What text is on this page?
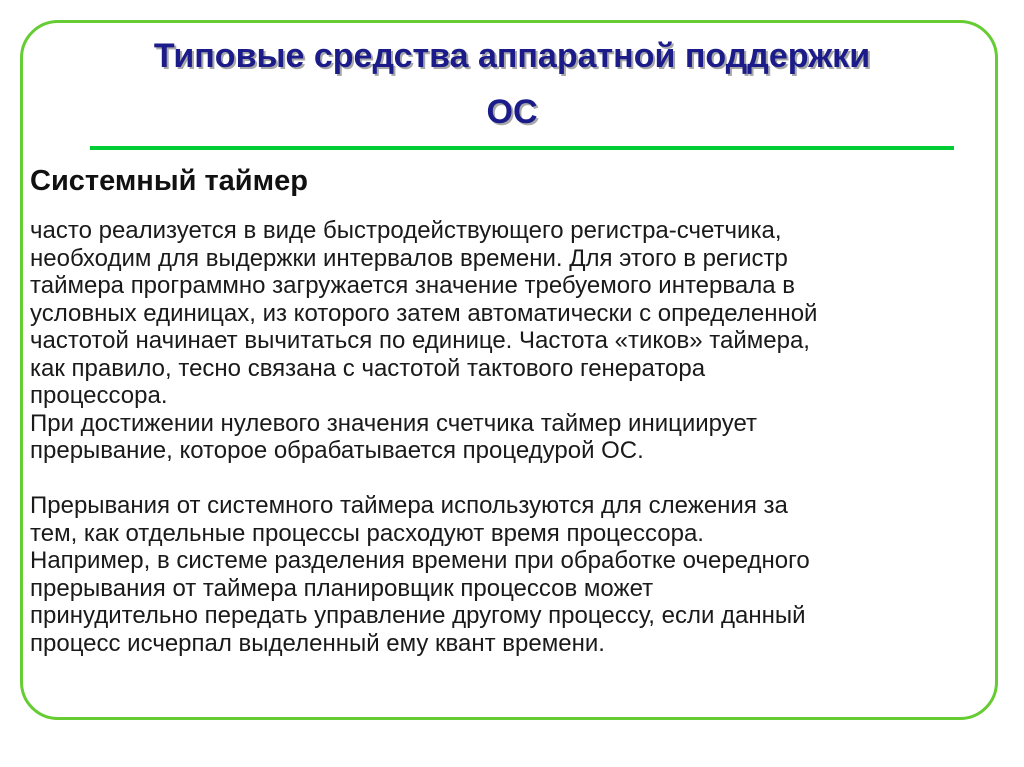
Типовые средства аппаратной поддержки
ОС
Системный таймер
часто реализуется в виде быстродействующего регистра-счетчика,
необходим для выдержки интервалов времени. Для этого в регистр
таймера программно загружается значение требуемого интервала в
условных единицах, из которого затем автоматически с определенной
частотой начинает вычитаться по единице. Частота «тиков» таймера,
как правило, тесно связана с частотой тактового генератора
процессора.
При достижении нулевого значения счетчика таймер инициирует
прерывание, которое обрабатывается процедурой ОС.
Прерывания от системного таймера используются для слежения за
тем, как отдельные процессы расходуют время процессора.
Например, в системе разделения времени при обработке очередного
прерывания от таймера планировщик процессов может
принудительно передать управление другому процессу, если данный
процесс исчерпал выделенный ему квант времени.
